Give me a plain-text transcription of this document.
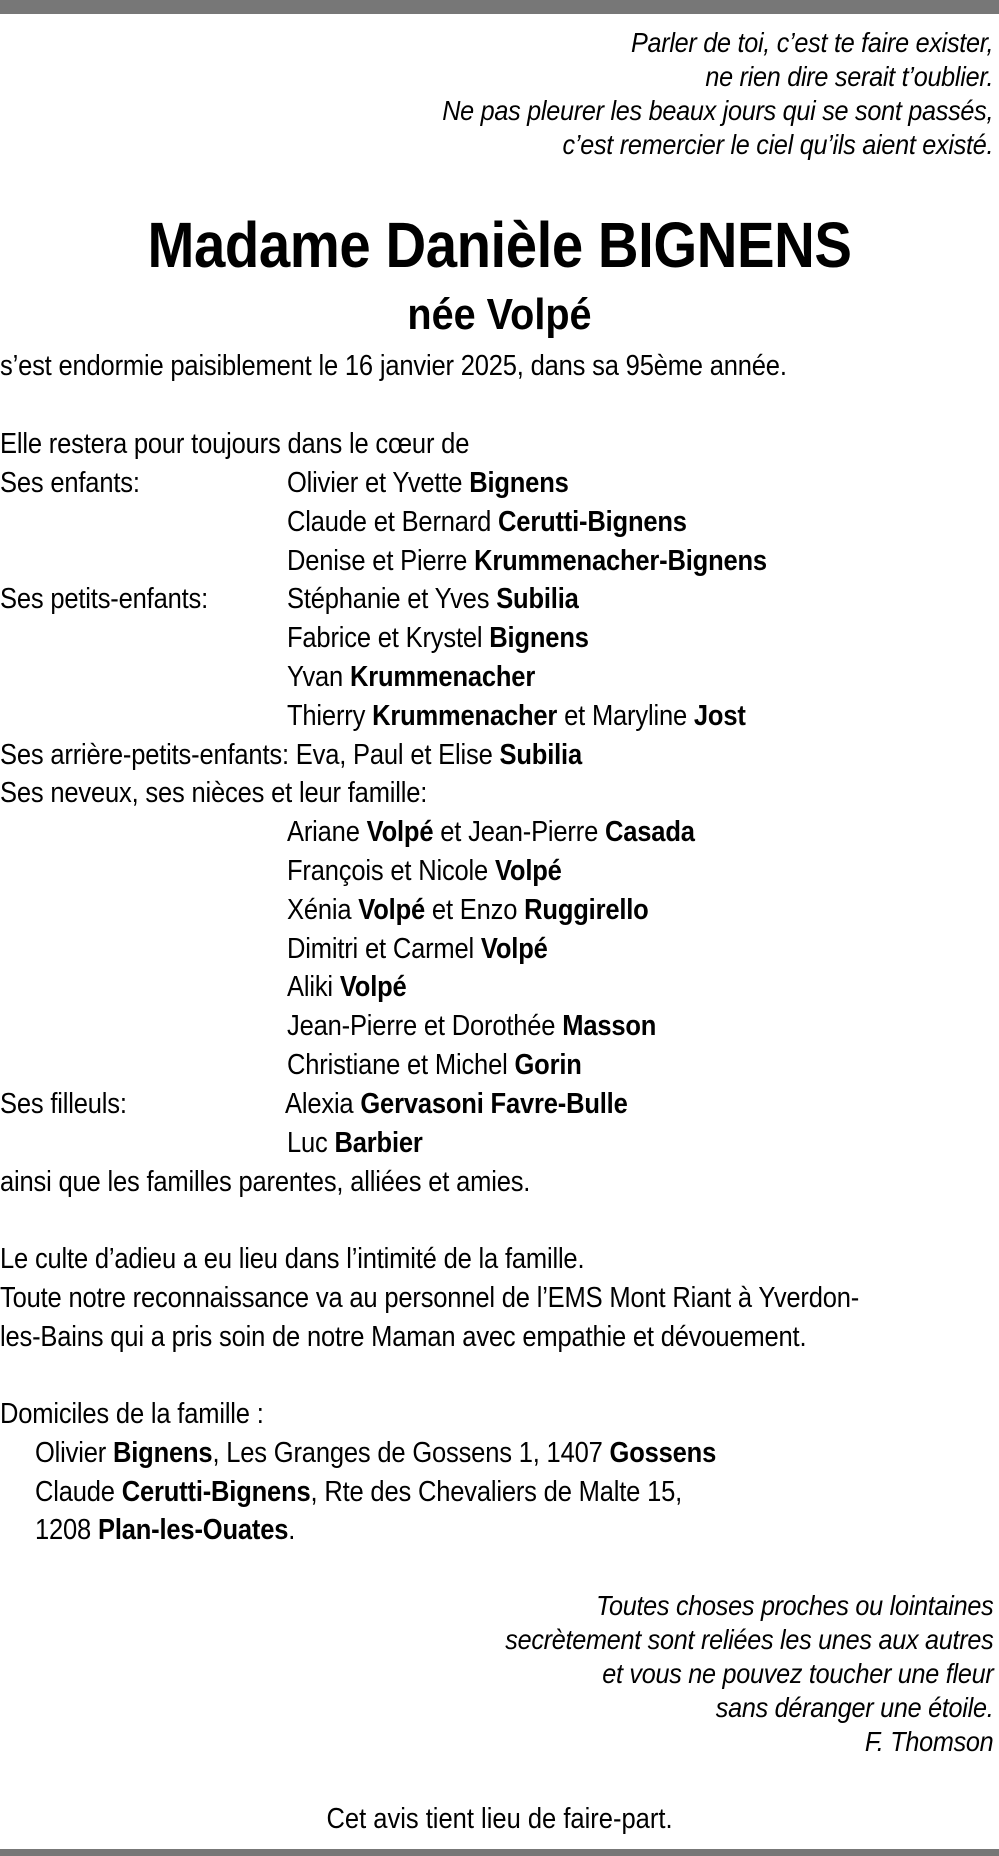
Parler de toi, c’est te faire exister,
ne rien dire serait t’oublier.
Ne pas pleurer les beaux jours qui se sont passés,
c’est remercier le ciel qu’ils aient existé.
Madame Danièle BIGNENS
née Volpé
s’est endormie paisiblement le 16 janvier 2025, dans sa 95ème année.
Elle restera pour toujours dans le cœur de
Ses enfants:	Olivier et Yvette Bignens
Claude et Bernard Cerutti-Bignens
Denise et Pierre Krummenacher-Bignens
Ses petits-enfants:	Stéphanie et Yves Subilia
Fabrice et Krystel Bignens
Yvan Krummenacher
Thierry Krummenacher et Maryline Jost
Ses arrière-petits-enfants: Eva, Paul et Elise Subilia
Ses neveux, ses nièces et leur famille:
Ariane Volpé et Jean-Pierre Casada
François et Nicole Volpé
Xénia Volpé et Enzo Ruggirello
Dimitri et Carmel Volpé
Aliki Volpé
Jean-Pierre et Dorothée Masson
Christiane et Michel Gorin
Ses filleuls:	Alexia Gervasoni Favre-Bulle
Luc Barbier
ainsi que les familles parentes, alliées et amies.
Le culte d’adieu a eu lieu dans l’intimité de la famille.
Toute notre reconnaissance va au personnel de l’EMS Mont Riant à Yverdon-
les-Bains qui a pris soin de notre Maman avec empathie et dévouement.
Domiciles de la famille :
Olivier Bignens, Les Granges de Gossens 1, 1407 Gossens
Claude Cerutti-Bignens, Rte des Chevaliers de Malte 15,
1208 Plan-les-Ouates.
Toutes choses proches ou lointaines
secrètement sont reliées les unes aux autres
et vous ne pouvez toucher une fleur
sans déranger une étoile.
F. Thomson
Cet avis tient lieu de faire-part.
